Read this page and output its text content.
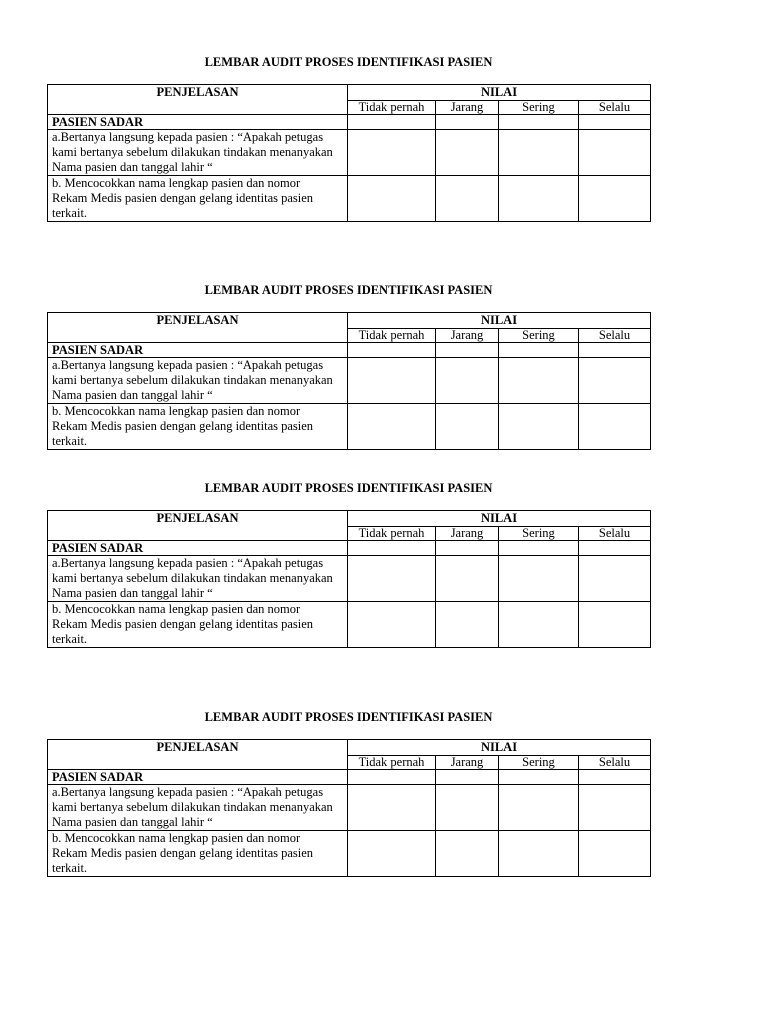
LEMBAR AUDIT PROSES IDENTIFIKASI PASIEN
PENJELASAN	NILAI			
	Tidak pernah	Jarang	Sering	Selalu
PASIEN SADAR				

a.Bertanya langsung kepada pasien : “Apakah petugas
kami bertanya sebelum dilakukan tindakan menanyakan
Nama pasien dan tanggal lahir “				

b. Mencocokkan nama lengkap pasien dan nomor
Rekam Medis pasien dengan gelang identitas pasien
terkait.				

LEMBAR AUDIT PROSES IDENTIFIKASI PASIEN
PENJELASAN	NILAI			
	Tidak pernah	Jarang	Sering	Selalu
PASIEN SADAR				

a.Bertanya langsung kepada pasien : “Apakah petugas
kami bertanya sebelum dilakukan tindakan menanyakan
Nama pasien dan tanggal lahir “				

b. Mencocokkan nama lengkap pasien dan nomor
Rekam Medis pasien dengan gelang identitas pasien
terkait.				

LEMBAR AUDIT PROSES IDENTIFIKASI PASIEN
PENJELASAN	NILAI			
	Tidak pernah	Jarang	Sering	Selalu
PASIEN SADAR				

a.Bertanya langsung kepada pasien : “Apakah petugas
kami bertanya sebelum dilakukan tindakan menanyakan
Nama pasien dan tanggal lahir “				

b. Mencocokkan nama lengkap pasien dan nomor
Rekam Medis pasien dengan gelang identitas pasien
terkait.				

LEMBAR AUDIT PROSES IDENTIFIKASI PASIEN
PENJELASAN	NILAI			
	Tidak pernah	Jarang	Sering	Selalu
PASIEN SADAR				

a.Bertanya langsung kepada pasien : “Apakah petugas
kami bertanya sebelum dilakukan tindakan menanyakan
Nama pasien dan tanggal lahir “				

b. Mencocokkan nama lengkap pasien dan nomor
Rekam Medis pasien dengan gelang identitas pasien
terkait.				
